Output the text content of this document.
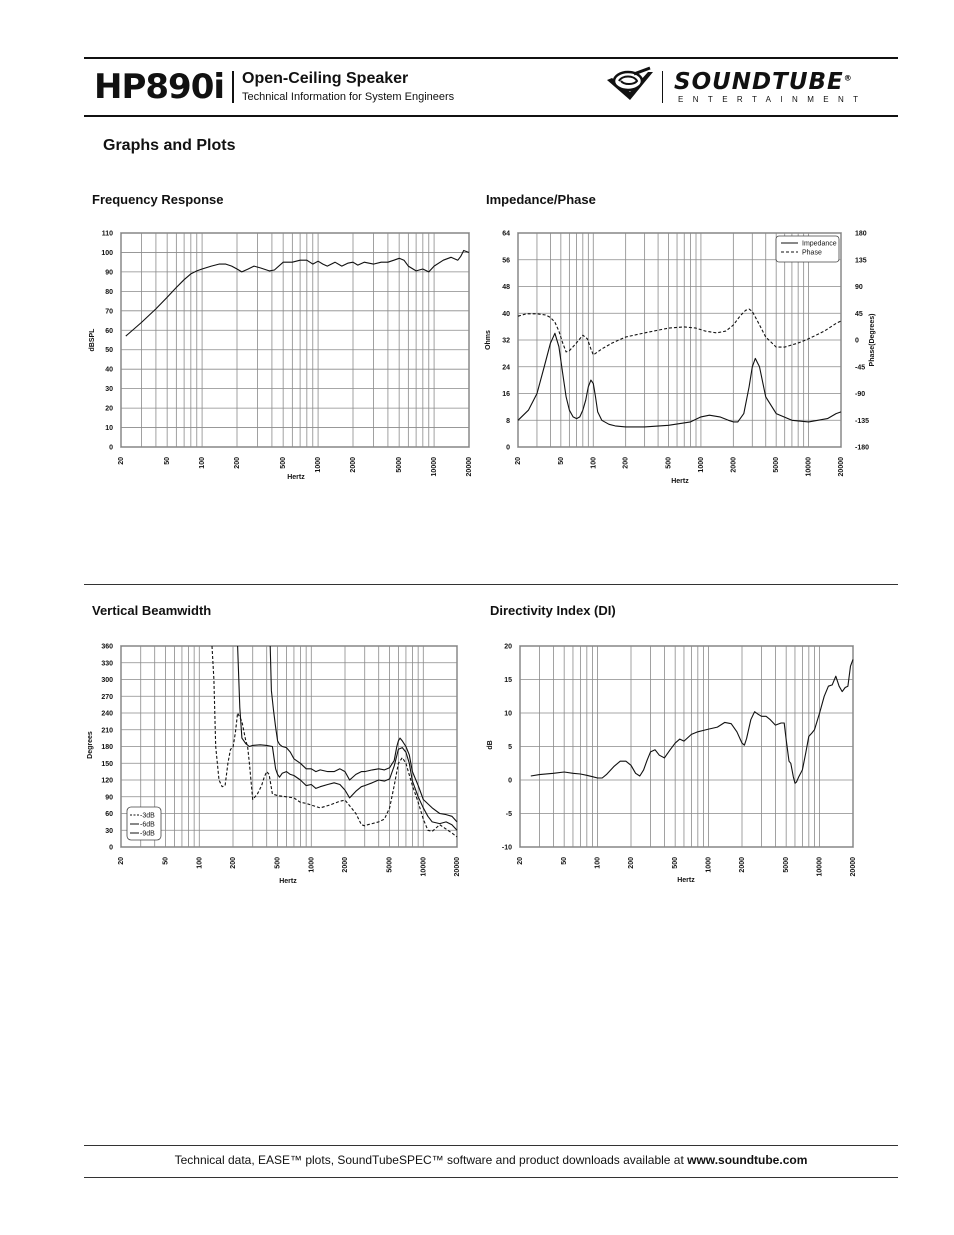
HP890i Open-Ceiling Speaker
Technical Information for System Engineers
SOUNDTUBE®
ENTERTAINMENT
Graphs and Plots
Frequency Response
0
10
20
30
40
50
60
70
80
90
100
110
20	50	100	200	500	1000	2000	5000	10000	20000
Hertz
dBSPL
Impedance/Phase
0
8
16
24
32
40
48
56
64
-180
-135
-90
-45
0
45
90
135
180
20	50	100	200	500	1000	2000	5000	10000	20000
Hertz
Ohms	Phase(Degrees)
Impedance
Phase
Vertical Beamwidth
0
30
60
90
120
150
180
210
240
270
300
330
360
20	50	100	200	500	1000	2000	5000	10000	20000
Hertz
Degrees
-3dB
-6dB
-9dB
Directivity Index (DI)
-10
-5
0
5
10
15
20
20	50	100	200	500	1000	2000	5000	10000	20000
Hertz
dB
Technical data, EASE™ plots, SoundTubeSPEC™ software and product downloads available at www.soundtube.com
